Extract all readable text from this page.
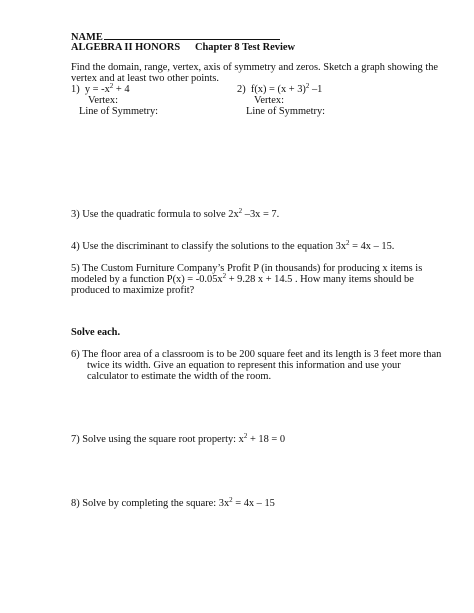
NAME
ALGEBRA II HONORS Chapter 8 Test Review
Find the domain, range, vertex, axis of symmetry and zeros. Sketch a graph showing the
vertex and at least two other points.
1) $y = -x^2 + 4$
Vertex:
Line of Symmetry:
2) $f(x) = (x + 3)^2$ –1
Vertex:
Line of Symmetry:
3) Use the quadratic formula to solve $2x^2$ –3x = 7.
4) Use the discriminant to classify the solutions to the equation $3x^2 = 4x - 15$.
5) The Custom Furniture Company’s Profit P (in thousands) for producing x items is
modeled by a function $P(x) = -0.05x^2 + 9.28$ x + 14.5 . How many items should be
produced to maximize profit?
Solve each.
6) The floor area of a classroom is to be 200 square feet and its length is 3 feet more than
twice its width. Give an equation to represent this information and use your
calculator to estimate the width of the room.
7) Solve using the square root property: $x^2 + 18 = 0$
8) Solve by completing the square: $3x^2 = 4x - 15$
